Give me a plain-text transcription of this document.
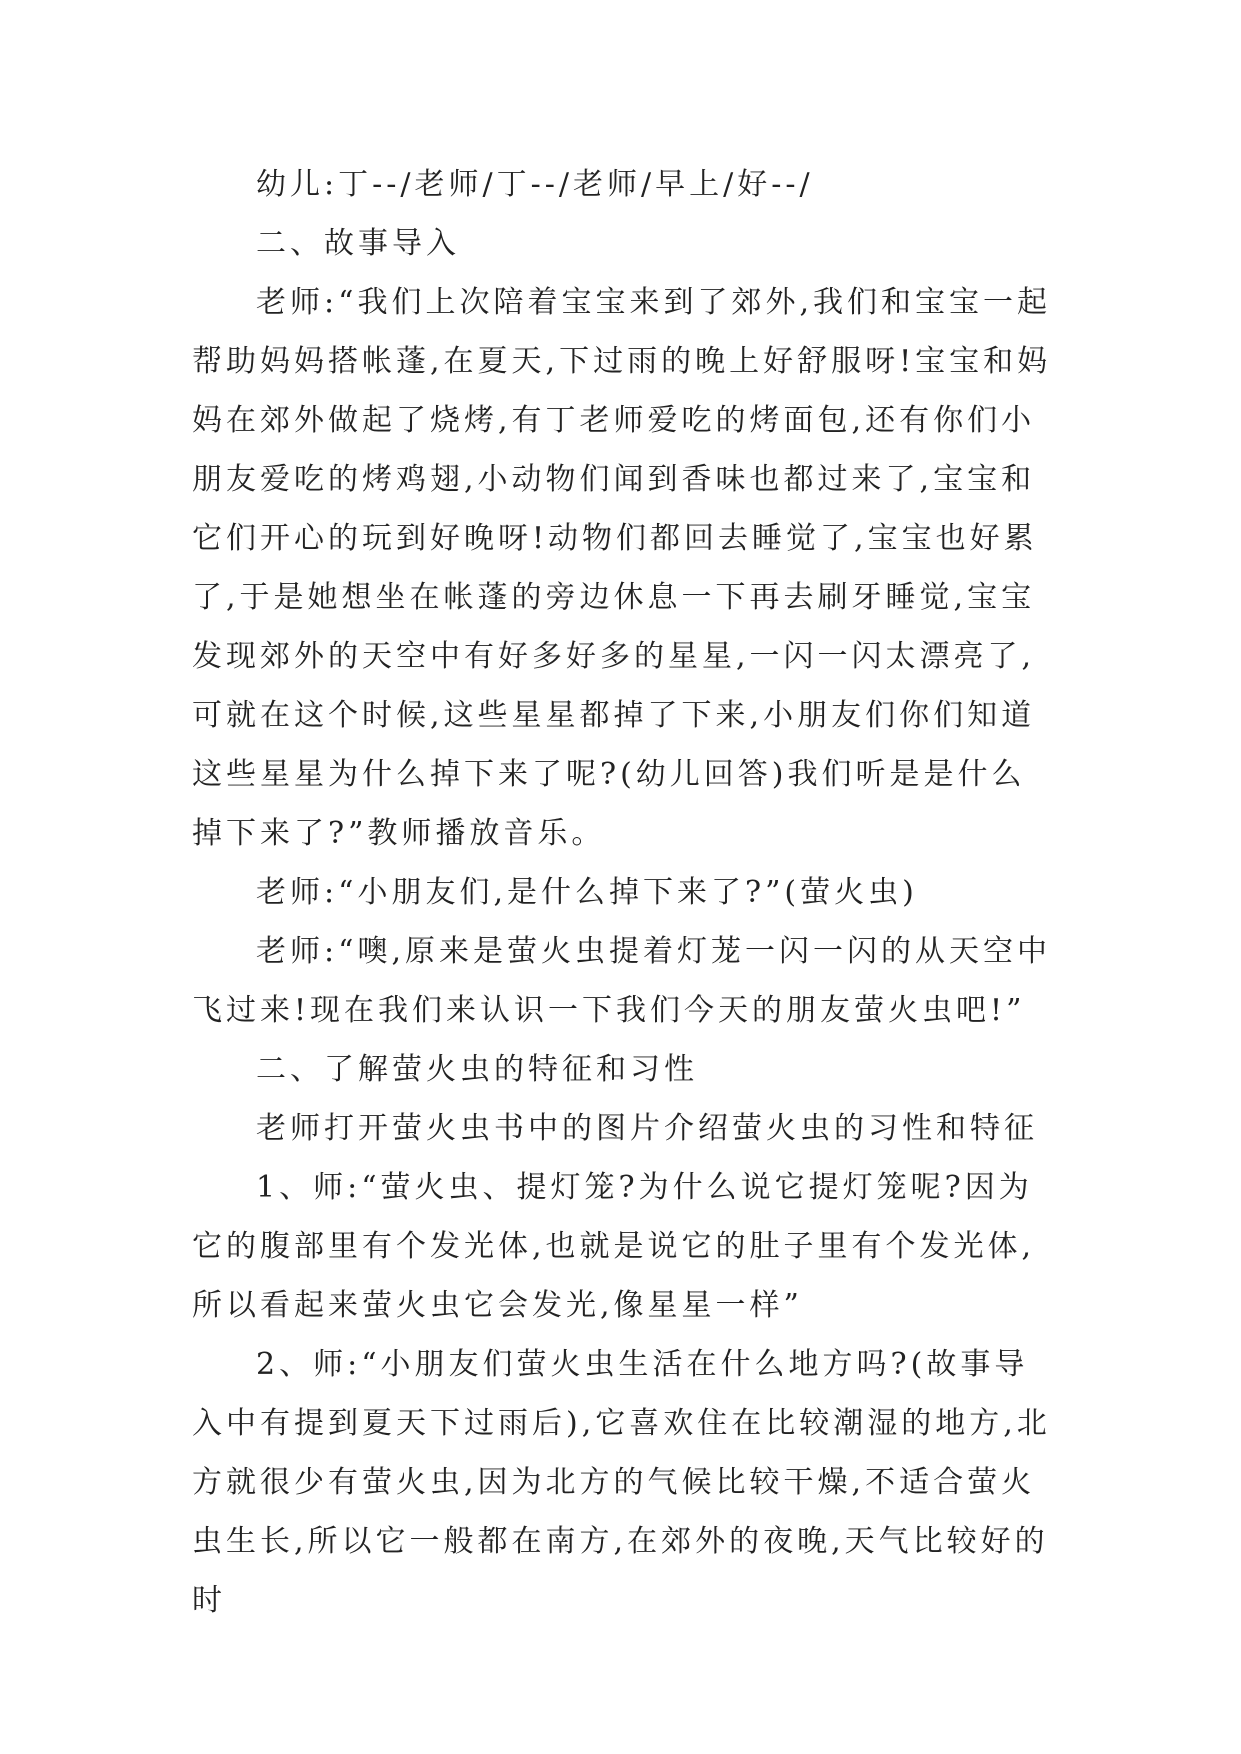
幼儿:丁--/老师/丁--/老师/早上/好--/

二、故事导入

老师:“我们上次陪着宝宝来到了郊外,我们和宝宝一起帮助妈妈搭帐蓬,在夏天,下过雨的晚上好舒服呀!宝宝和妈妈在郊外做起了烧烤,有丁老师爱吃的烤面包,还有你们小朋友爱吃的烤鸡翅,小动物们闻到香味也都过来了,宝宝和它们开心的玩到好晚呀!动物们都回去睡觉了,宝宝也好累了,于是她想坐在帐蓬的旁边休息一下再去刷牙睡觉,宝宝发现郊外的天空中有好多好多的星星,一闪一闪太漂亮了,可就在这个时候,这些星星都掉了下来,小朋友们你们知道这些星星为什么掉下来了呢?(幼儿回答)我们听是是什么掉下来了?”教师播放音乐。

老师:“小朋友们,是什么掉下来了?”(萤火虫)

老师:“噢,原来是萤火虫提着灯茏一闪一闪的从天空中飞过来!现在我们来认识一下我们今天的朋友萤火虫吧!”

二、了解萤火虫的特征和习性

老师打开萤火虫书中的图片介绍萤火虫的习性和特征

1、师:“萤火虫、提灯笼?为什么说它提灯笼呢?因为它的腹部里有个发光体,也就是说它的肚子里有个发光体,所以看起来萤火虫它会发光,像星星一样”

2、师:“小朋友们萤火虫生活在什么地方吗?(故事导入中有提到夏天下过雨后),它喜欢住在比较潮湿的地方,北方就很少有萤火虫,因为北方的气候比较干燥,不适合萤火虫生长,所以它一般都在南方,在郊外的夜晚,天气比较好的时
